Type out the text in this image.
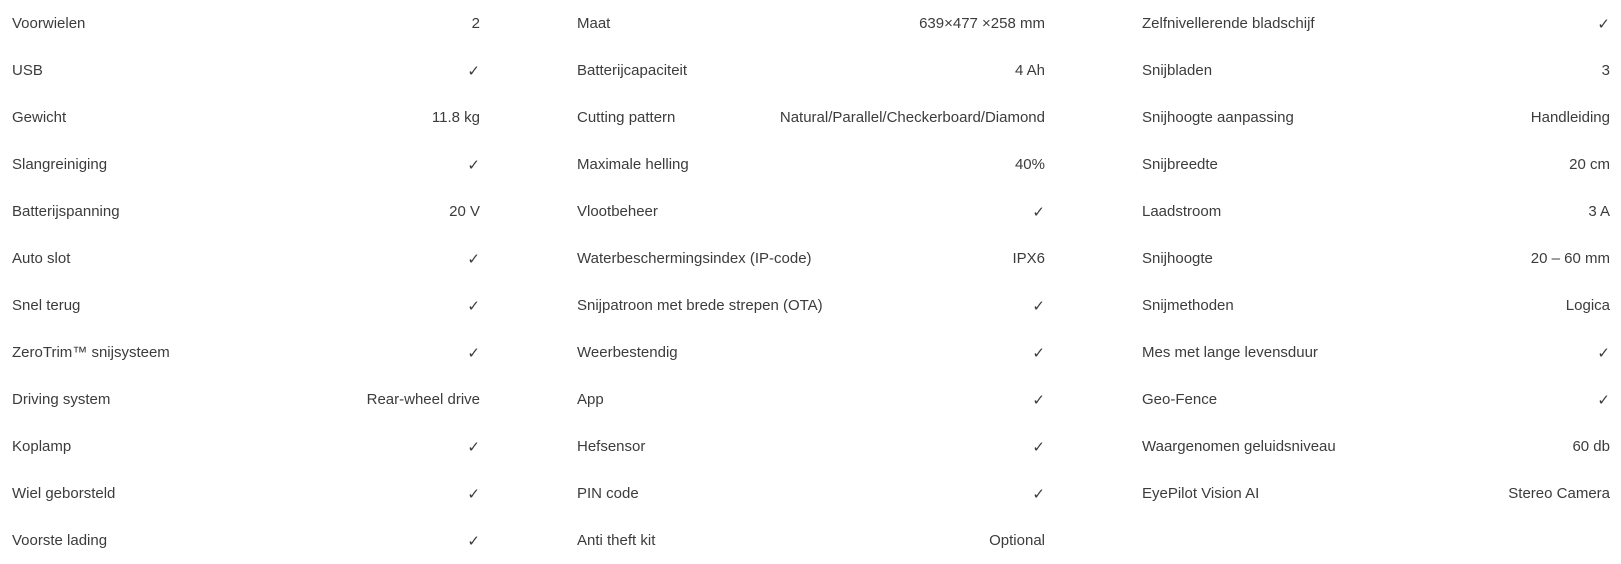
Voorwielen	2
USB	✓
Gewicht	11.8 kg
Slangreiniging	✓
Batterijspanning	20 V
Auto slot	✓
Snel terug	✓
ZeroTrim™ snijsysteem	✓
Driving system	Rear-wheel drive
Koplamp	✓
Wiel geborsteld	✓
Voorste lading	✓
Maat	639×477 ×258 mm
Batterijcapaciteit	4 Ah
Cutting pattern	Natural/Parallel/Checkerboard/Diamond
Maximale helling	40%
Vlootbeheer	✓
Waterbeschermingsindex (IP-code)	IPX6
Snijpatroon met brede strepen (OTA)	✓
Weerbestendig	✓
App	✓
Hefsensor	✓
PIN code	✓
Anti theft kit	Optional
Zelfnivellerende bladschijf	✓
Snijbladen	3
Snijhoogte aanpassing	Handleiding
Snijbreedte	20 cm
Laadstroom	3 A
Snijhoogte	20 – 60 mm
Snijmethoden	Logica
Mes met lange levensduur	✓
Geo-Fence	✓
Waargenomen geluidsniveau	60 db
EyePilot Vision AI	Stereo Camera
